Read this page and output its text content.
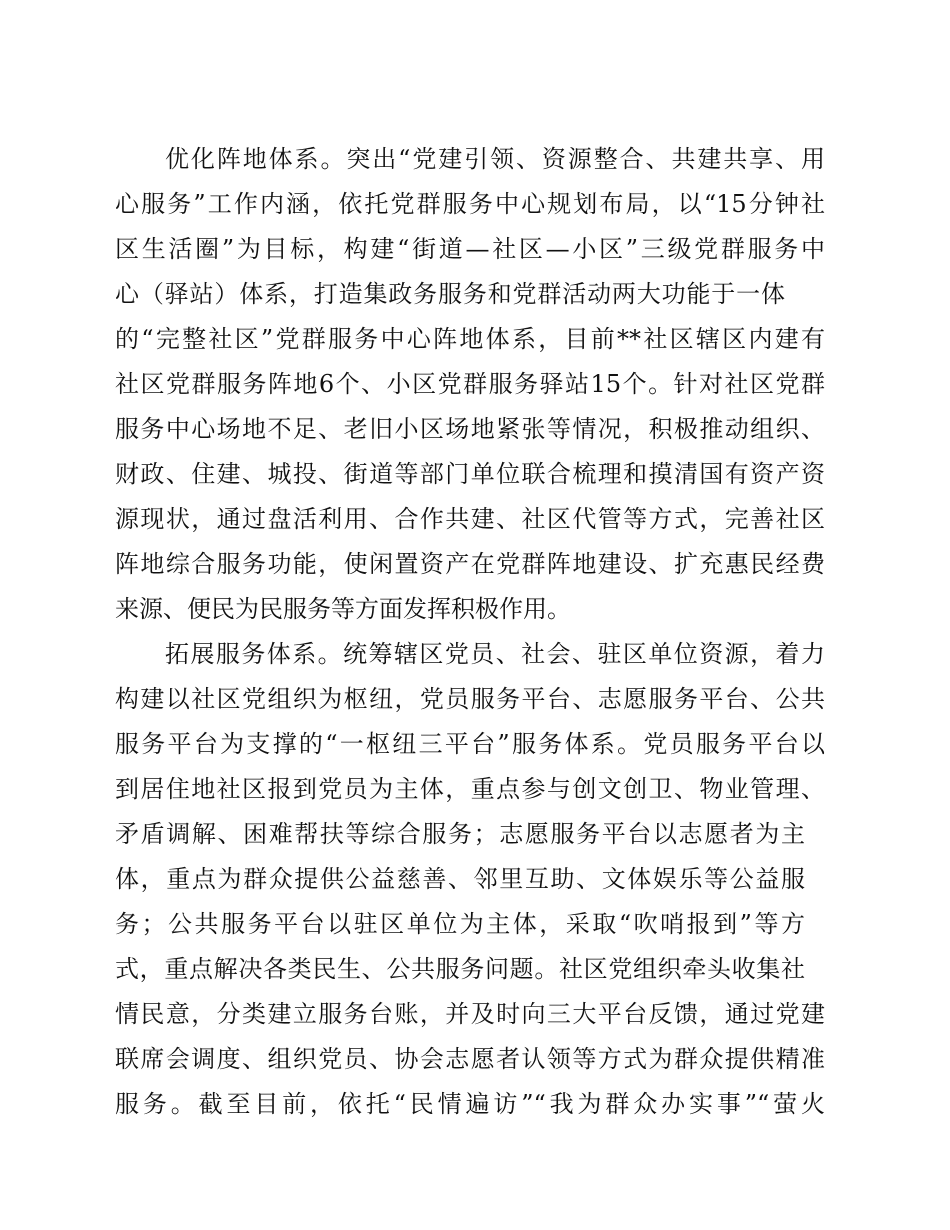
优化阵地体系。突出“党建引领、资源整合、共建共享、用

心服务”工作内涵，依托党群服务中心规划布局，以“15分钟社

区生活圈”为目标，构建“街道—社区—小区”三级党群服务中

心（驿站）体系，打造集政务服务和党群活动两大功能于一体

的“完整社区”党群服务中心阵地体系，目前**社区辖区内建有

社区党群服务阵地6个、小区党群服务驿站15个。针对社区党群

服务中心场地不足、老旧小区场地紧张等情况，积极推动组织、

财政、住建、城投、街道等部门单位联合梳理和摸清国有资产资

源现状，通过盘活利用、合作共建、社区代管等方式，完善社区

阵地综合服务功能，使闲置资产在党群阵地建设、扩充惠民经费

来源、便民为民服务等方面发挥积极作用。

拓展服务体系。统筹辖区党员、社会、驻区单位资源，着力

构建以社区党组织为枢纽，党员服务平台、志愿服务平台、公共

服务平台为支撑的“一枢纽三平台”服务体系。党员服务平台以

到居住地社区报到党员为主体，重点参与创文创卫、物业管理、

矛盾调解、困难帮扶等综合服务；志愿服务平台以志愿者为主

体，重点为群众提供公益慈善、邻里互助、文体娱乐等公益服

务；公共服务平台以驻区单位为主体，采取“吹哨报到”等方

式，重点解决各类民生、公共服务问题。社区党组织牵头收集社

情民意，分类建立服务台账，并及时向三大平台反馈，通过党建

联席会调度、组织党员、协会志愿者认领等方式为群众提供精准

服务。截至目前，依托“民情遍访”“我为群众办实事”“萤火
